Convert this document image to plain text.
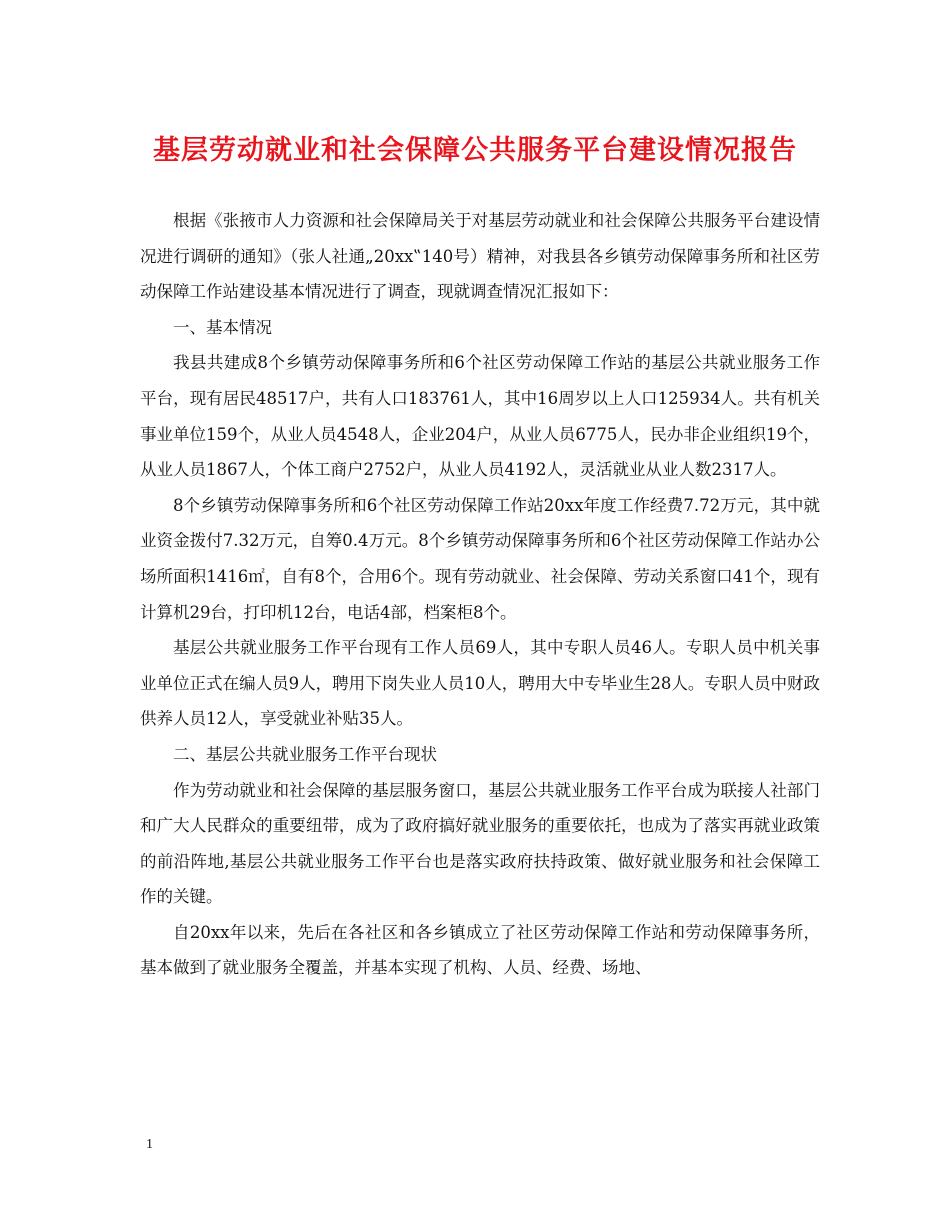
基层劳动就业和社会保障公共服务平台建设情况报告

根据《张掖市人力资源和社会保障局关于对基层劳动就业和社会保障公共服务平台建设情况进行调研的通知》（张人社通„20xx‟140号）精神，对我县各乡镇劳动保障事务所和社区劳动保障工作站建设基本情况进行了调查，现就调查情况汇报如下：

一、基本情况

我县共建成8个乡镇劳动保障事务所和6个社区劳动保障工作站的基层公共就业服务工作平台，现有居民48517户，共有人口183761人，其中16周岁以上人口125934人。共有机关事业单位159个，从业人员4548人，企业204户，从业人员6775人，民办非企业组织19个，从业人员1867人，个体工商户2752户，从业人员4192人，灵活就业从业人数2317人。

8个乡镇劳动保障事务所和6个社区劳动保障工作站20xx年度工作经费7.72万元，其中就业资金拨付7.32万元，自筹0.4万元。8个乡镇劳动保障事务所和6个社区劳动保障工作站办公场所面积1416㎡，自有8个，合用6个。现有劳动就业、社会保障、劳动关系窗口41个，现有计算机29台，打印机12台，电话4部，档案柜8个。

基层公共就业服务工作平台现有工作人员69人，其中专职人员46人。专职人员中机关事业单位正式在编人员9人，聘用下岗失业人员10人，聘用大中专毕业生28人。专职人员中财政供养人员12人，享受就业补贴35人。

二、基层公共就业服务工作平台现状

作为劳动就业和社会保障的基层服务窗口，基层公共就业服务工作平台成为联接人社部门和广大人民群众的重要纽带，成为了政府搞好就业服务的重要依托，也成为了落实再就业政策的前沿阵地,基层公共就业服务工作平台也是落实政府扶持政策、做好就业服务和社会保障工作的关键。

自20xx年以来，先后在各社区和各乡镇成立了社区劳动保障工作站和劳动保障事务所，基本做到了就业服务全覆盖，并基本实现了机构、人员、经费、场地、

1
